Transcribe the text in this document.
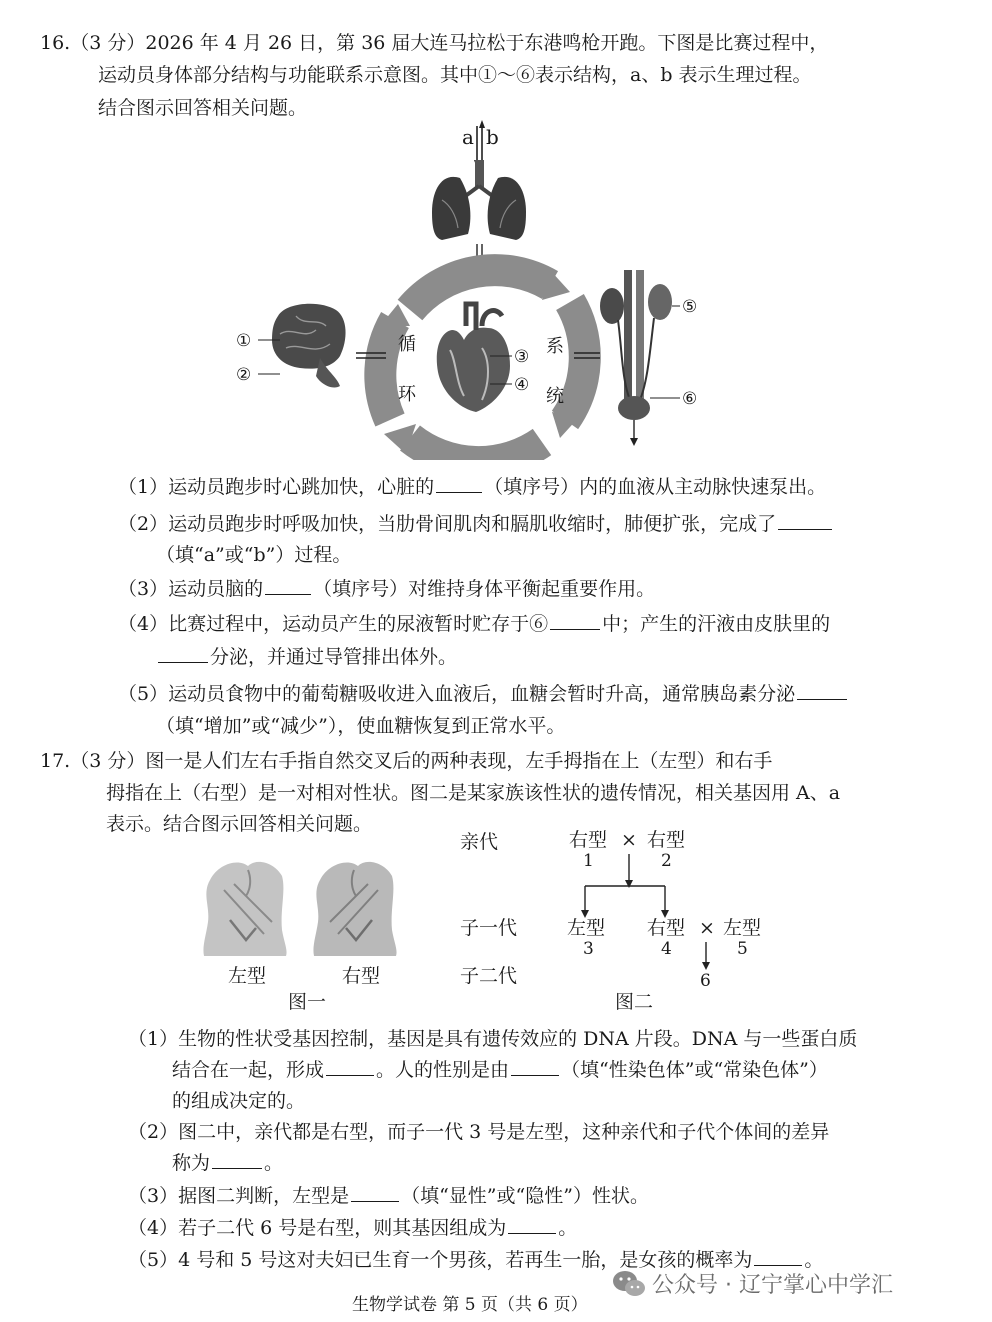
16.（3 分）2026 年 4 月 26 日，第 36 届大连马拉松于东港鸣枪开跑。下图是比赛过程中，
运动员身体部分结构与功能联系示意图。其中①～⑥表示结构，a、b 表示生理过程。
结合图示回答相关问题。
a b
循
环
系
统
③
④
①
②
⑤
⑥
（1）运动员跑步时心跳加快，心脏的	（填序号）内的血液从主动脉快速泵出。
（2）运动员跑步时呼吸加快，当肋骨间肌肉和膈肌收缩时，肺便扩张，完成了
（填“a”或“b”）过程。
（3）运动员脑的	（填序号）对维持身体平衡起重要作用。
（4）比赛过程中，运动员产生的尿液暂时贮存于⑥	中；产生的汗液由皮肤里的
分泌，并通过导管排出体外。
（5）运动员食物中的葡萄糖吸收进入血液后，血糖会暂时升高，通常胰岛素分泌
（填“增加”或“减少”），使血糖恢复到正常水平。
17.（3 分）图一是人们左右手指自然交叉后的两种表现，左手拇指在上（左型）和右手
拇指在上（右型）是一对相对性状。图二是某家族该性状的遗传情况，相关基因用 A、a
表示。结合图示回答相关问题。
左型	右型
图一
亲代
子一代
子二代
右型
1
× 右型
2
左型
3
右型
4
× 左型
5
6
图二
（1）生物的性状受基因控制，基因是具有遗传效应的 DNA 片段。DNA 与一些蛋白质
结合在一起，形成	。人的性别是由	（填“性染色体”或“常染色体”）
的组成决定的。
（2）图二中，亲代都是右型，而子一代 3 号是左型，这种亲代和子代个体间的差异
称为	。
（3）据图二判断，左型是	（填“显性”或“隐性”）性状。
（4）若子二代 6 号是右型，则其基因组成为	。
（5）4 号和 5 号这对夫妇已生育一个男孩，若再生一胎，是女孩的概率为	。
生物学试卷 第 5 页（共 6 页）
公众号 · 辽宁掌心中学汇
